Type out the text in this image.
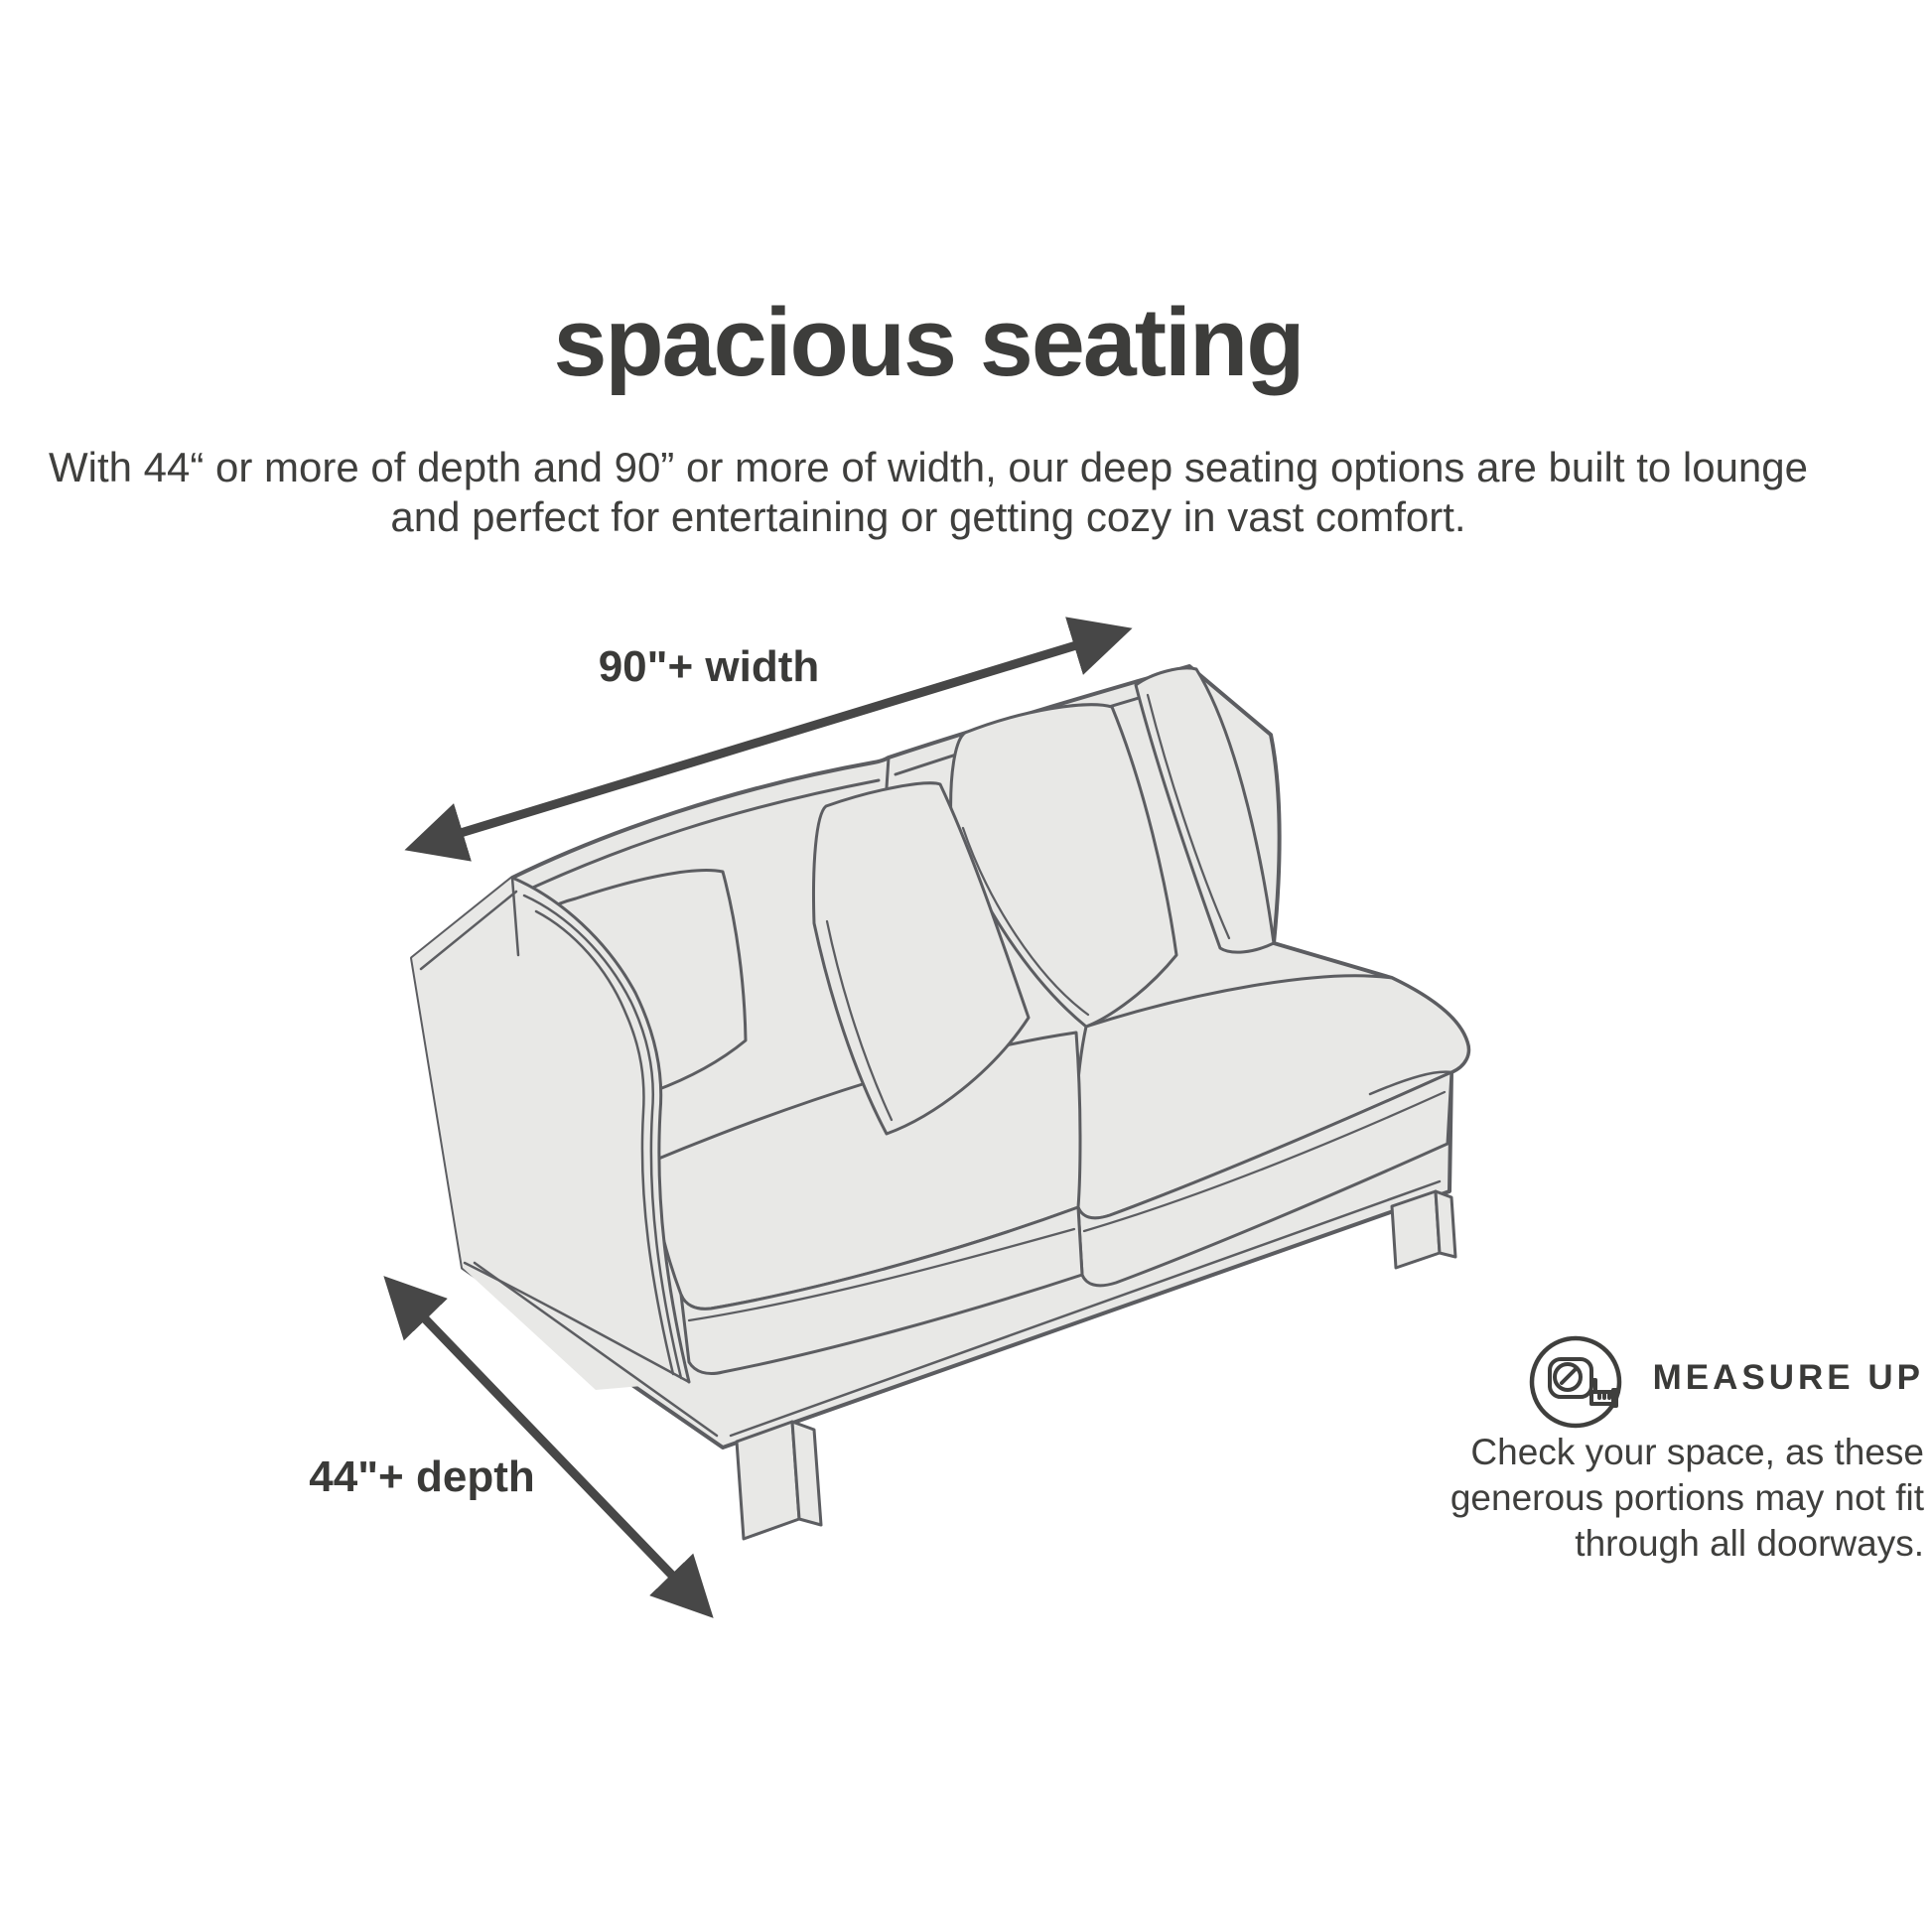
spacious seating
With 44“ or more of depth and 90” or more of width, our deep seating options are built to lounge
and perfect for entertaining or getting cozy in vast comfort.
90"+ width
44"+ depth
MEASURE UP
Check your space, as these
generous portions may not fit
through all doorways.
